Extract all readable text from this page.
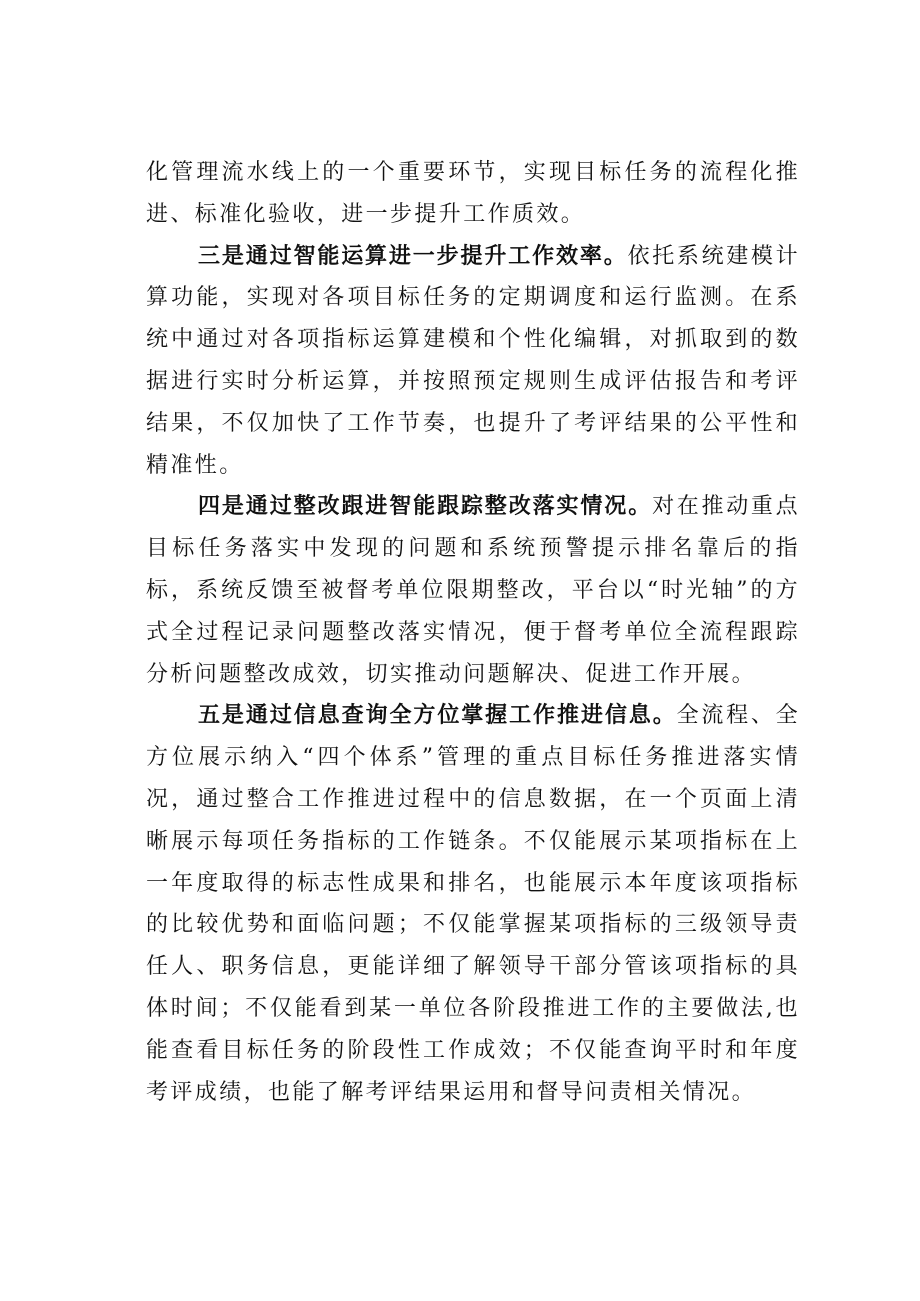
化管理流水线上的一个重要环节，实现目标任务的流程化推进、标准化验收，进一步提升工作质效。

三是通过智能运算进一步提升工作效率。依托系统建模计算功能，实现对各项目标任务的定期调度和运行监测。在系统中通过对各项指标运算建模和个性化编辑，对抓取到的数据进行实时分析运算，并按照预定规则生成评估报告和考评结果，不仅加快了工作节奏，也提升了考评结果的公平性和精准性。

四是通过整改跟进智能跟踪整改落实情况。对在推动重点目标任务落实中发现的问题和系统预警提示排名靠后的指标，系统反馈至被督考单位限期整改，平台以“时光轴”的方式全过程记录问题整改落实情况，便于督考单位全流程跟踪分析问题整改成效，切实推动问题解决、促进工作开展。

五是通过信息查询全方位掌握工作推进信息。全流程、全方位展示纳入“四个体系”管理的重点目标任务推进落实情况，通过整合工作推进过程中的信息数据，在一个页面上清晰展示每项任务指标的工作链条。不仅能展示某项指标在上一年度取得的标志性成果和排名，也能展示本年度该项指标的比较优势和面临问题；不仅能掌握某项指标的三级领导责任人、职务信息，更能详细了解领导干部分管该项指标的具体时间；不仅能看到某一单位各阶段推进工作的主要做法,也能查看目标任务的阶段性工作成效；不仅能查询平时和年度考评成绩，也能了解考评结果运用和督导问责相关情况。
